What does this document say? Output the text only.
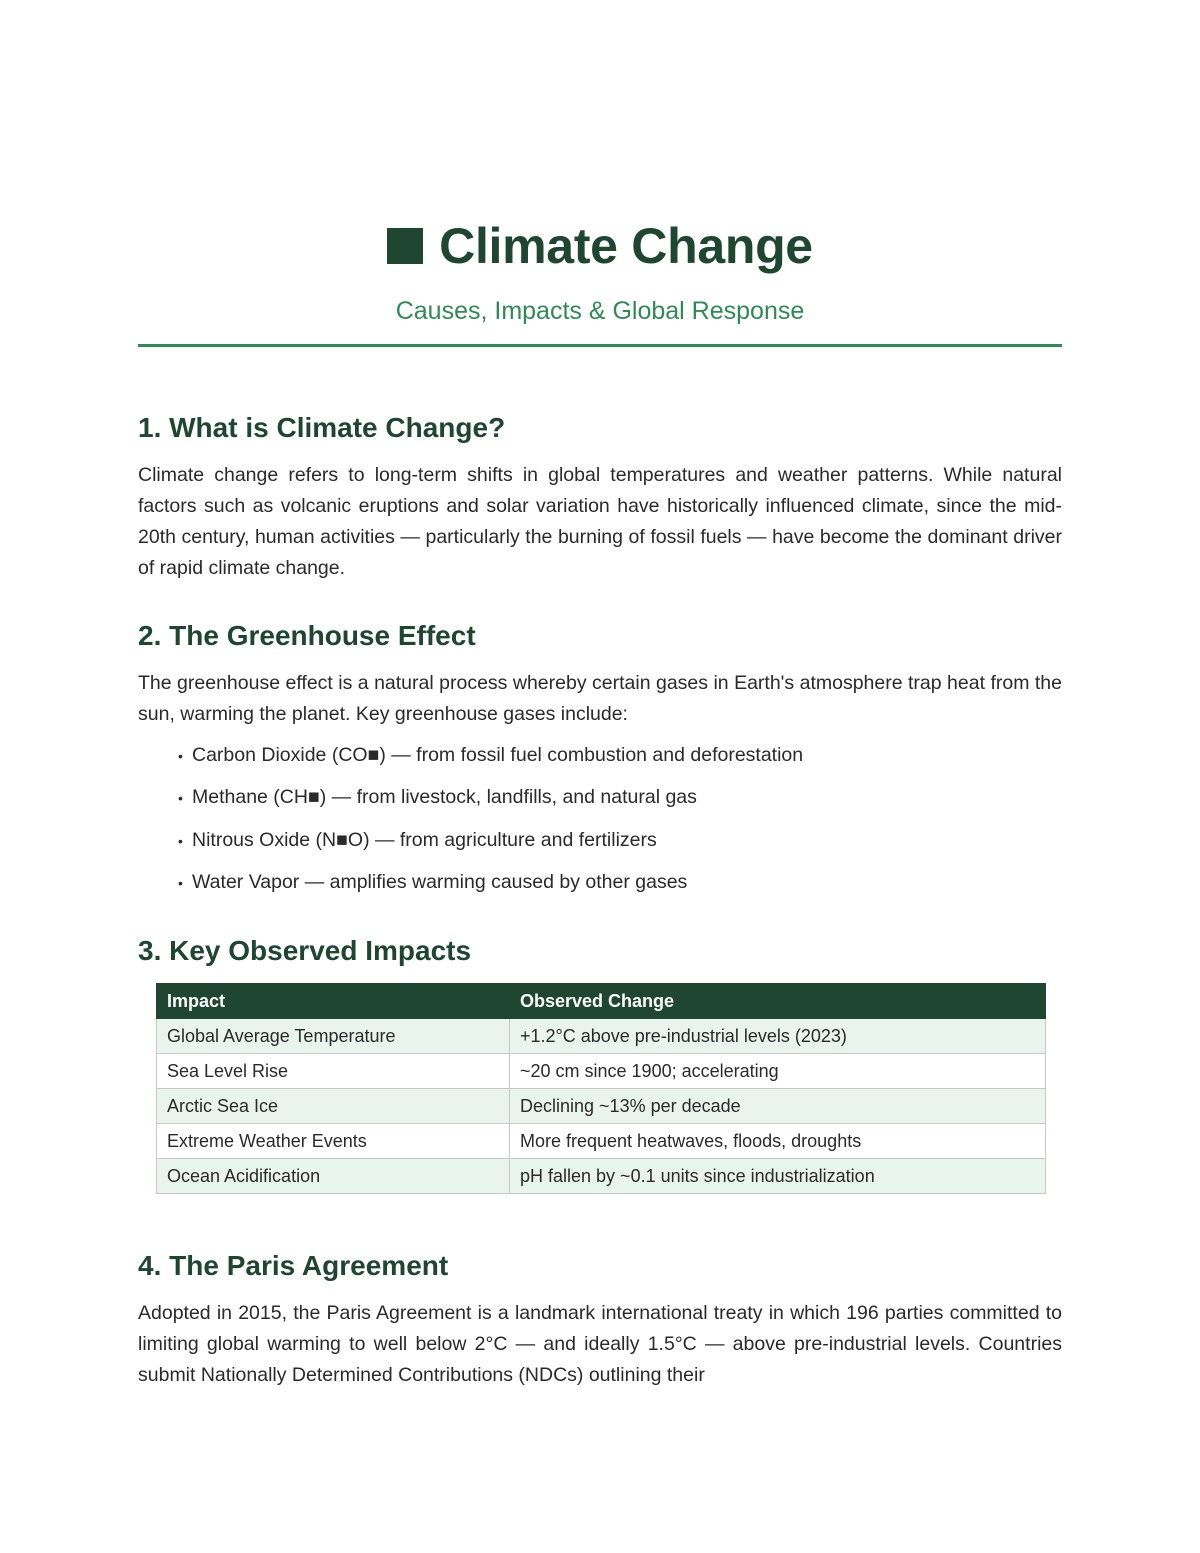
Climate Change
Causes, Impacts & Global Response
1. What is Climate Change?

Climate change refers to long-term shifts in global temperatures and weather patterns. While natural factors such as volcanic eruptions and solar variation have historically influenced climate, since the mid-20th century, human activities — particularly the burning of fossil fuels — have become the dominant driver of rapid climate change.

2. The Greenhouse Effect

The greenhouse effect is a natural process whereby certain gases in Earth's atmosphere trap heat from the sun, warming the planet. Key greenhouse gases include:

• Carbon Dioxide (CO■) — from fossil fuel combustion and deforestation
• Methane (CH■) — from livestock, landfills, and natural gas
• Nitrous Oxide (N■O) — from agriculture and fertilizers
• Water Vapor — amplifies warming caused by other gases
3. Key Observed Impacts
Impact	Observed Change
Global Average Temperature	+1.2°C above pre-industrial levels (2023)
Sea Level Rise	~20 cm since 1900; accelerating
Arctic Sea Ice	Declining ~13% per decade
Extreme Weather Events	More frequent heatwaves, floods, droughts
Ocean Acidification	pH fallen by ~0.1 units since industrialization
4. The Paris Agreement

Adopted in 2015, the Paris Agreement is a landmark international treaty in which 196 parties committed to limiting global warming to well below 2°C — and ideally 1.5°C — above pre-industrial levels. Countries submit Nationally Determined Contributions (NDCs) outlining their
